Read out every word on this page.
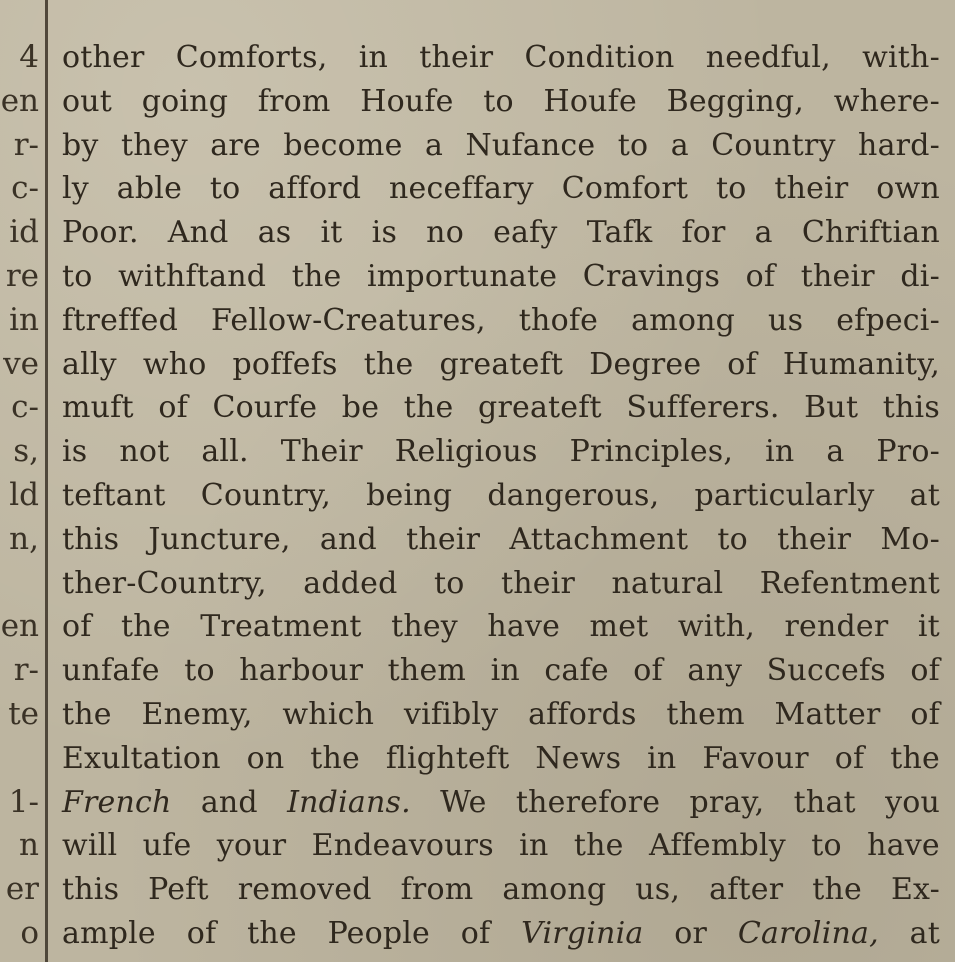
4
en
r-
c-
id
re
in
ve
c-
s,
ld
n,
en
r-
te
1-
n
er
o
other Comforts, in their Condition needful, with-
out going from Houfe to Houfe Begging, where-
by they are become a Nufance to a Country hard-
ly able to afford neceffary Comfort to their own
Poor. And as it is no eafy Tafk for a Chriftian
to withftand the importunate Cravings of their di-
ftreffed Fellow-Creatures, thofe among us efpeci-
ally who poffefs the greateft Degree of Humanity,
muft of Courfe be the greateft Sufferers. But this
is not all. Their Religious Principles, in a Pro-
teftant Country, being dangerous, particularly at
this Juncture, and their Attachment to their Mo-
ther-Country, added to their natural Refentment
of the Treatment they have met with, render it
unfafe to harbour them in cafe of any Succefs of
the Enemy, which vifibly affords them Matter of
Exultation on the flighteft News in Favour of the
French and Indians. We therefore pray, that you
will ufe your Endeavours in the Affembly to have
this Peft removed from among us, after the Ex-
ample of the People of Virginia or Carolina, at
